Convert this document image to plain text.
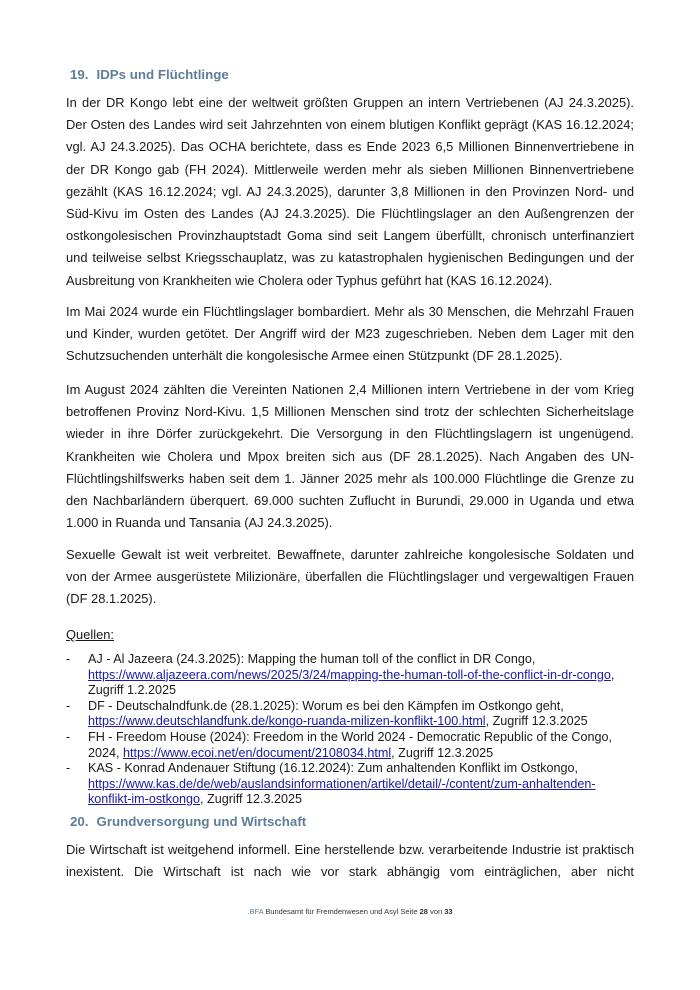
19. IDPs und Flüchtlinge
In der DR Kongo lebt eine der weltweit größten Gruppen an intern Vertriebenen (AJ 24.3.2025).
Der Osten des Landes wird seit Jahrzehnten von einem blutigen Konflikt geprägt (KAS 16.12.2024;
vgl. AJ 24.3.2025). Das OCHA berichtete, dass es Ende 2023 6,5 Millionen Binnenvertriebene in
der DR Kongo gab (FH 2024). Mittlerweile werden mehr als sieben Millionen Binnenvertriebene
gezählt (KAS 16.12.2024; vgl. AJ 24.3.2025), darunter 3,8 Millionen in den Provinzen Nord- und
Süd-Kivu im Osten des Landes (AJ 24.3.2025). Die Flüchtlingslager an den Außengrenzen der
ostkongolesischen Provinzhauptstadt Goma sind seit Langem überfüllt, chronisch unterfinanziert
und teilweise selbst Kriegsschauplatz, was zu katastrophalen hygienischen Bedingungen und der
Ausbreitung von Krankheiten wie Cholera oder Typhus geführt hat (KAS 16.12.2024).
Im Mai 2024 wurde ein Flüchtlingslager bombardiert. Mehr als 30 Menschen, die Mehrzahl Frauen
und Kinder, wurden getötet. Der Angriff wird der M23 zugeschrieben. Neben dem Lager mit den
Schutzsuchenden unterhält die kongolesische Armee einen Stützpunkt (DF 28.1.2025).
Im August 2024 zählten die Vereinten Nationen 2,4 Millionen intern Vertriebene in der vom Krieg
betroffenen Provinz Nord-Kivu. 1,5 Millionen Menschen sind trotz der schlechten Sicherheitslage
wieder in ihre Dörfer zurückgekehrt. Die Versorgung in den Flüchtlingslagern ist ungenügend.
Krankheiten wie Cholera und Mpox breiten sich aus (DF 28.1.2025). Nach Angaben des UN-
Flüchtlingshilfswerks haben seit dem 1. Jänner 2025 mehr als 100.000 Flüchtlinge die Grenze zu
den Nachbarländern überquert. 69.000 suchten Zuflucht in Burundi, 29.000 in Uganda und etwa
1.000 in Ruanda und Tansania (AJ 24.3.2025).
Sexuelle Gewalt ist weit verbreitet. Bewaffnete, darunter zahlreiche kongolesische Soldaten und
von der Armee ausgerüstete Milizionäre, überfallen die Flüchtlingslager und vergewaltigen Frauen
(DF 28.1.2025).
Quellen:
- AJ - Al Jazeera (24.3.2025): Mapping the human toll of the conflict in DR Congo,
https://www.aljazeera.com/news/2025/3/24/mapping-the-human-toll-of-the-conflict-in-dr-congo,
Zugriff 1.2.2025
- DF - Deutschalndfunk.de (28.1.2025): Worum es bei den Kämpfen im Ostkongo geht,
https://www.deutschlandfunk.de/kongo-ruanda-milizen-konflikt-100.html, Zugriff 12.3.2025
- FH - Freedom House (2024): Freedom in the World 2024 - Democratic Republic of the Congo,
2024, https://www.ecoi.net/en/document/2108034.html, Zugriff 12.3.2025
- KAS - Konrad Andenauer Stiftung (16.12.2024): Zum anhaltenden Konflikt im Ostkongo,
https://www.kas.de/de/web/auslandsinformationen/artikel/detail/-/content/zum-anhaltenden-
konflikt-im-ostkongo, Zugriff 12.3.2025
20. Grundversorgung und Wirtschaft
Die Wirtschaft ist weitgehend informell. Eine herstellende bzw. verarbeitende Industrie ist praktisch
inexistent. Die Wirtschaft ist nach wie vor stark abhängig vom einträglichen, aber nicht
.BFA Bundesamt für Fremdenwesen und Asyl Seite 28 von 33
